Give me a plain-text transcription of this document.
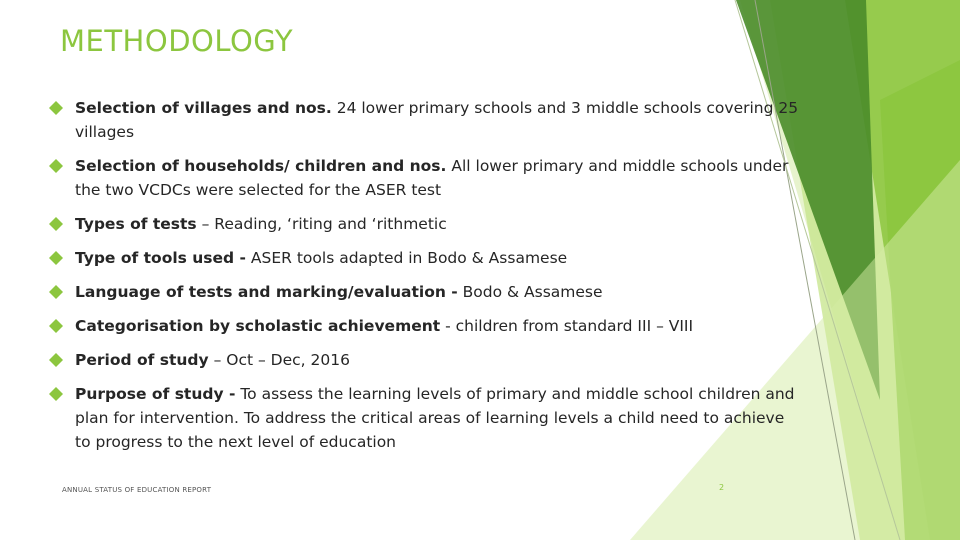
METHODOLOGY
Selection of villages and nos. 24 lower primary schools and 3 middle schools covering 25 villages
Selection of households/ children and nos. All lower primary and middle schools under the two VCDCs were selected for the ASER test
Types of tests – Reading, ‘riting and ‘rithmetic
Type of tools used - ASER tools adapted in Bodo & Assamese
Language of tests and marking/evaluation - Bodo & Assamese
Categorisation by scholastic achievement - children from standard III – VIII
Period of study – Oct – Dec, 2016
Purpose of study - To assess the learning levels of primary and middle school children and plan for intervention. To address the critical areas of learning levels a child need to achieve to progress to the next level of education
ANNUAL STATUS OF EDUCATION REPORT	2
